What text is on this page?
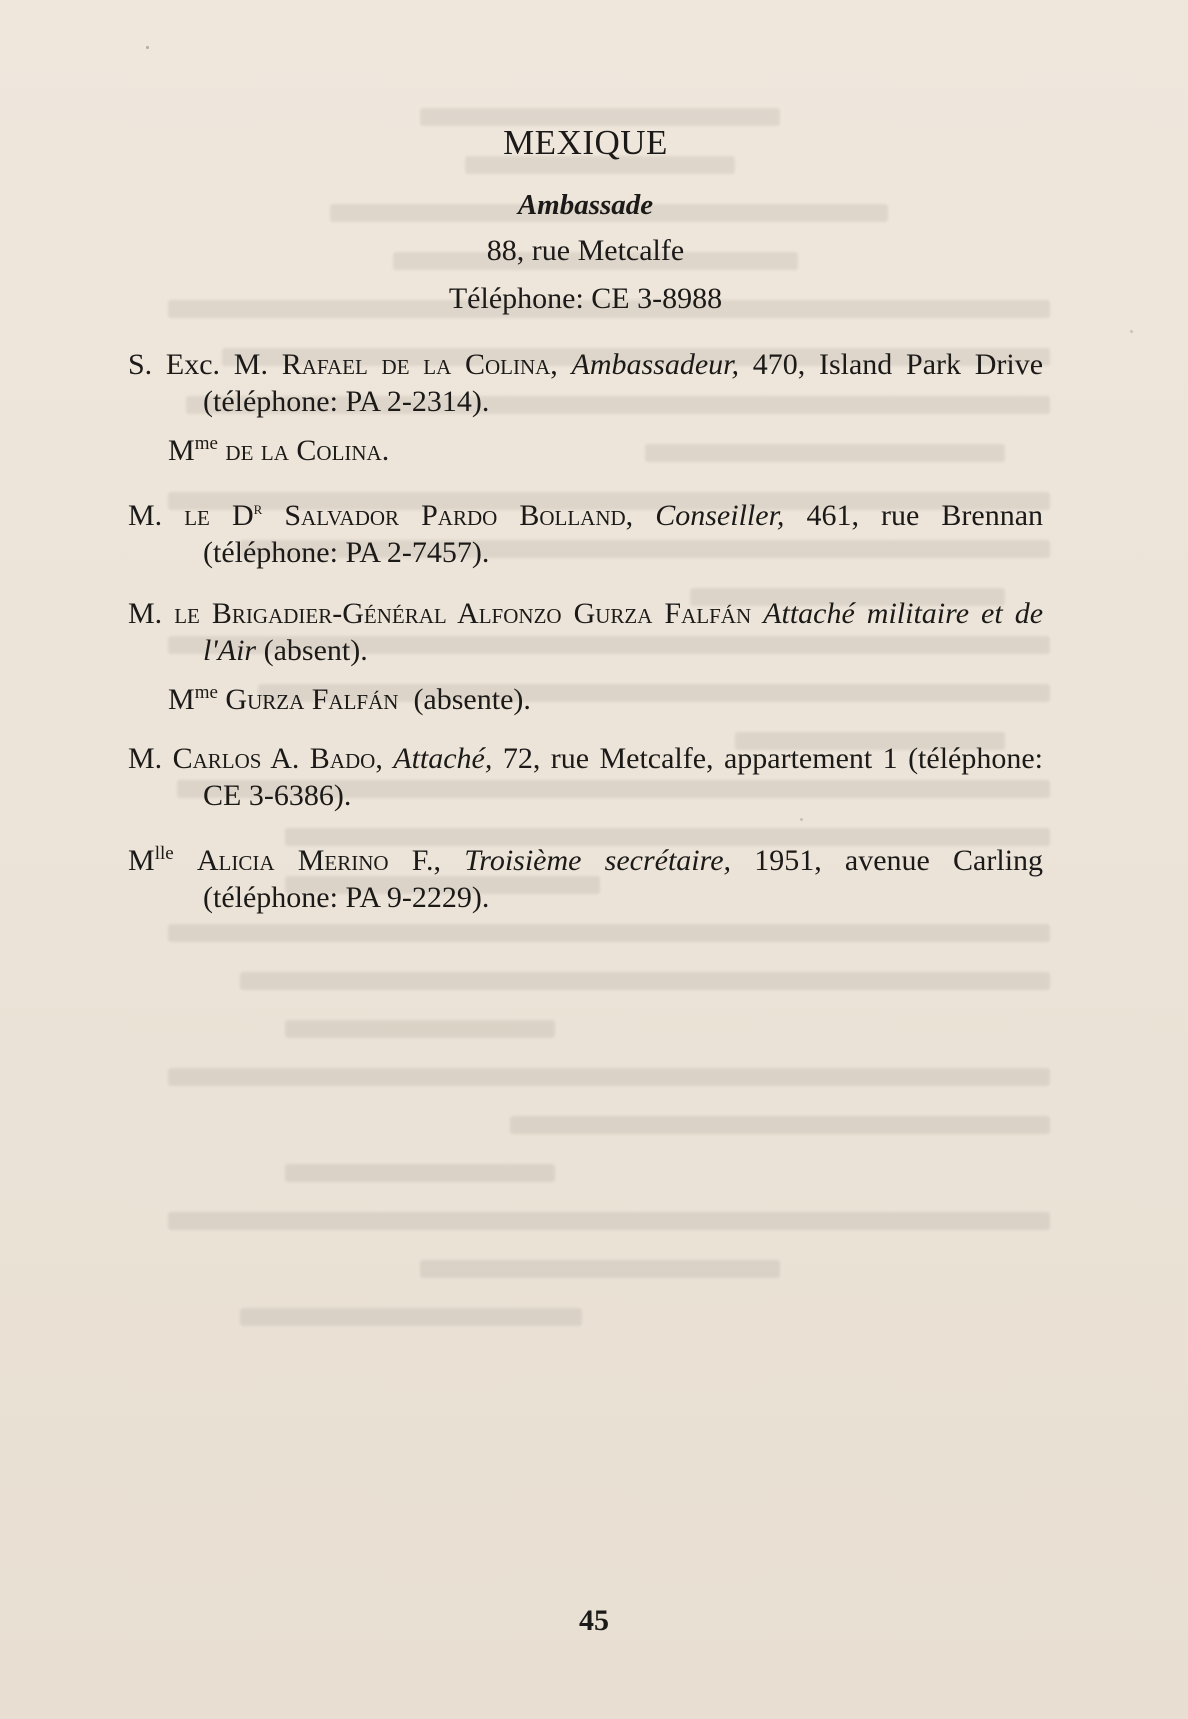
MEXIQUE
Ambassade
88, rue Metcalfe
Téléphone: CE 3-8988
S. Exc. M. Rafael de la Colina, Ambassadeur, 470, Island Park Drive (téléphone: PA 2-2314).
$M^{me}$ de la Colina.
M. le $D^r$ Salvador Pardo Bolland, Conseiller, 461, rue Brennan (téléphone: PA 2-7457).
M. le Brigadier-Général Alfonzo Gurza Falfán Attaché militaire et de l'Air (absent).
$M^{me}$ Gurza Falfán (absente).
M. Carlos A. Bado, Attaché, 72, rue Metcalfe, appartement 1 (téléphone: CE 3-6386).
$M^{lle}$ Alicia Merino F., Troisième secrétaire, 1951, avenue Carling (téléphone: PA 9-2229).
45
